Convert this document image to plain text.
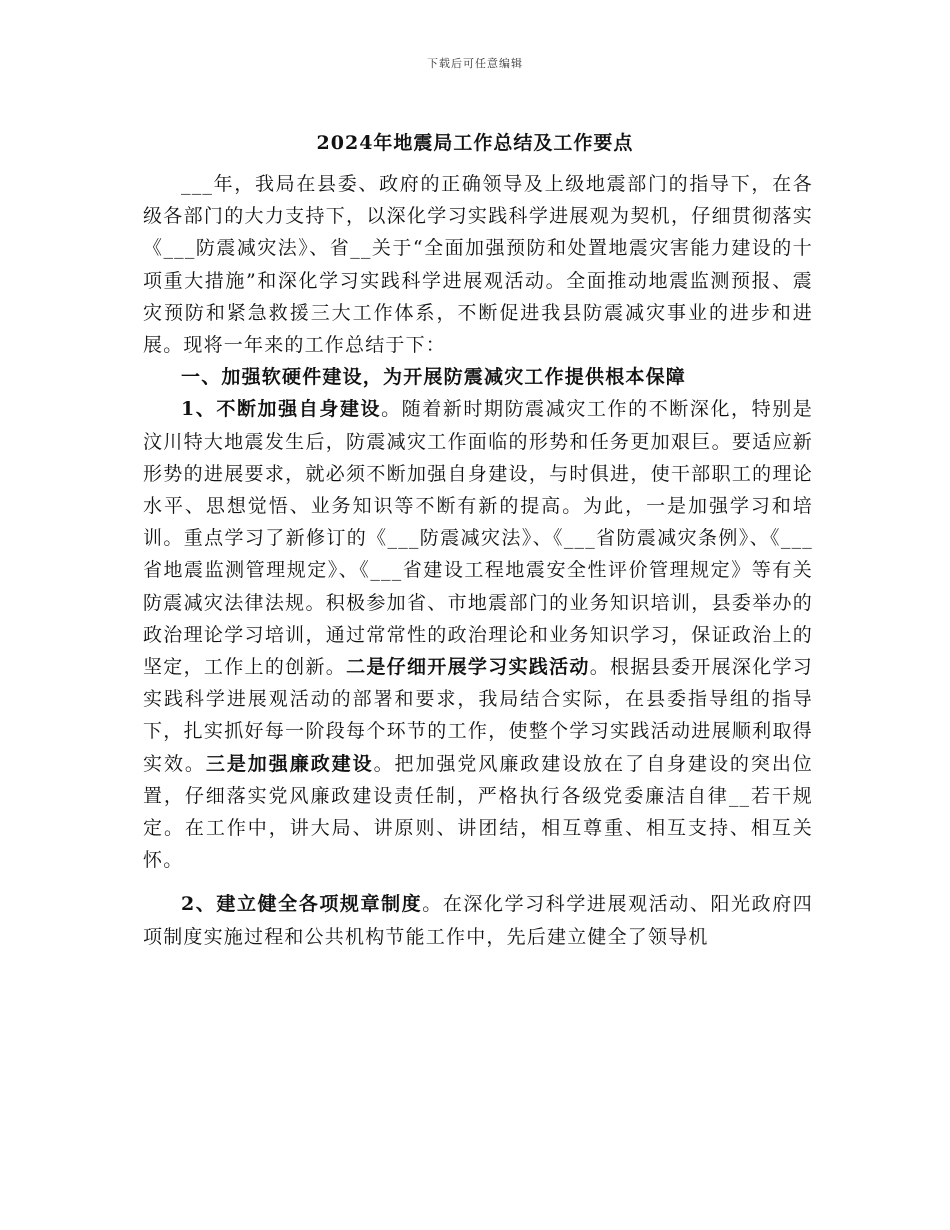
下载后可任意编辑
2024年地震局工作总结及工作要点

___年，我局在县委、政府的正确领导及上级地震部门的指导下，在各级各部门的大力支持下，以深化学习实践科学进展观为契机，仔细贯彻落实《___防震减灾法》、省__关于“全面加强预防和处置地震灾害能力建设的十项重大措施”和深化学习实践科学进展观活动。全面推动地震监测预报、震灾预防和紧急救援三大工作体系，不断促进我县防震减灾事业的进步和进展。现将一年来的工作总结于下：

一、加强软硬件建设，为开展防震减灾工作提供根本保障

1、不断加强自身建设。随着新时期防震减灾工作的不断深化，特别是汶川特大地震发生后，防震减灾工作面临的形势和任务更加艰巨。要适应新形势的进展要求，就必须不断加强自身建设，与时俱进，使干部职工的理论水平、思想觉悟、业务知识等不断有新的提高。为此，一是加强学习和培训。重点学习了新修订的《___防震减灾法》、《___省防震减灾条例》、《___省地震监测管理规定》、《___省建设工程地震安全性评价管理规定》等有关防震减灾法律法规。积极参加省、市地震部门的业务知识培训，县委举办的政治理论学习培训，通过常常性的政治理论和业务知识学习，保证政治上的坚定，工作上的创新。二是仔细开展学习实践活动。根据县委开展深化学习实践科学进展观活动的部署和要求，我局结合实际，在县委指导组的指导下，扎实抓好每一阶段每个环节的工作，使整个学习实践活动进展顺利取得实效。三是加强廉政建设。把加强党风廉政建设放在了自身建设的突出位置，仔细落实党风廉政建设责任制，严格执行各级党委廉洁自律__若干规定。在工作中，讲大局、讲原则、讲团结，相互尊重、相互支持、相互关怀。

2、建立健全各项规章制度。在深化学习科学进展观活动、阳光政府四项制度实施过程和公共机构节能工作中，先后建立健全了领导机
